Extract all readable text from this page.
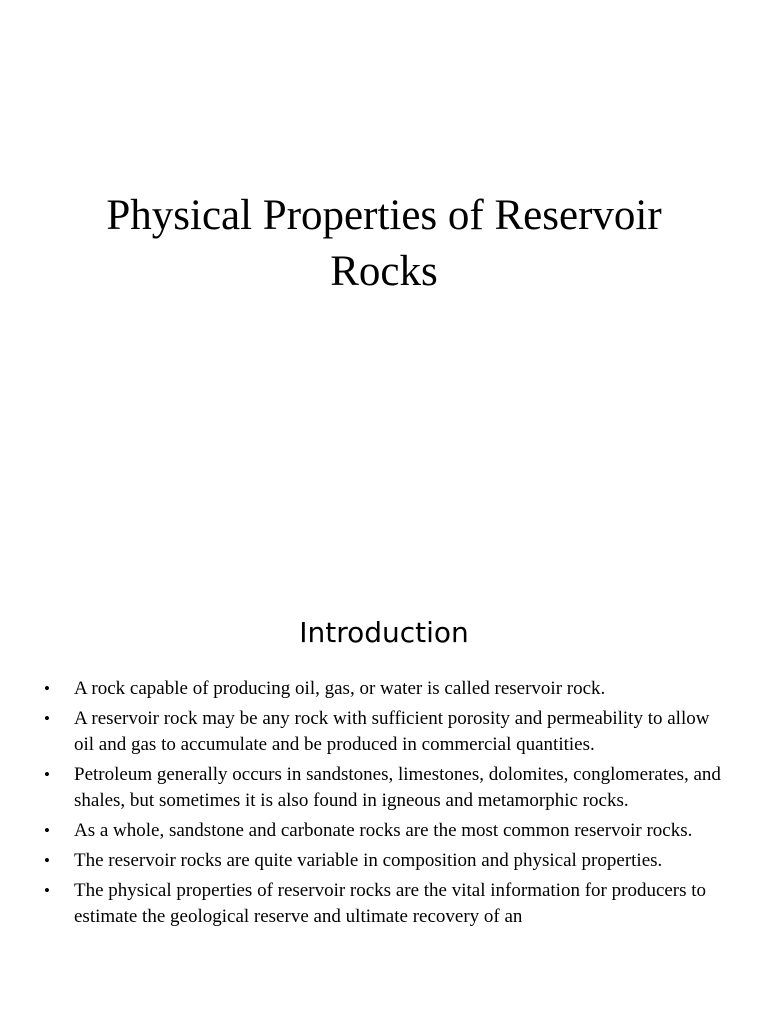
Physical Properties of Reservoir
Rocks
Introduction
• A rock capable of producing oil, gas, or water is called reservoir rock.
• A reservoir rock may be any rock with sufficient porosity and permeability to allow oil and gas to accumulate and be produced in commercial quantities.
• Petroleum generally occurs in sandstones, limestones, dolomites, conglomerates, and shales, but sometimes it is also found in igneous and metamorphic rocks.
• As a whole, sandstone and carbonate rocks are the most common reservoir rocks.
• The reservoir rocks are quite variable in composition and physical properties.
• The physical properties of reservoir rocks are the vital information for producers to estimate the geological reserve and ultimate recovery of an
